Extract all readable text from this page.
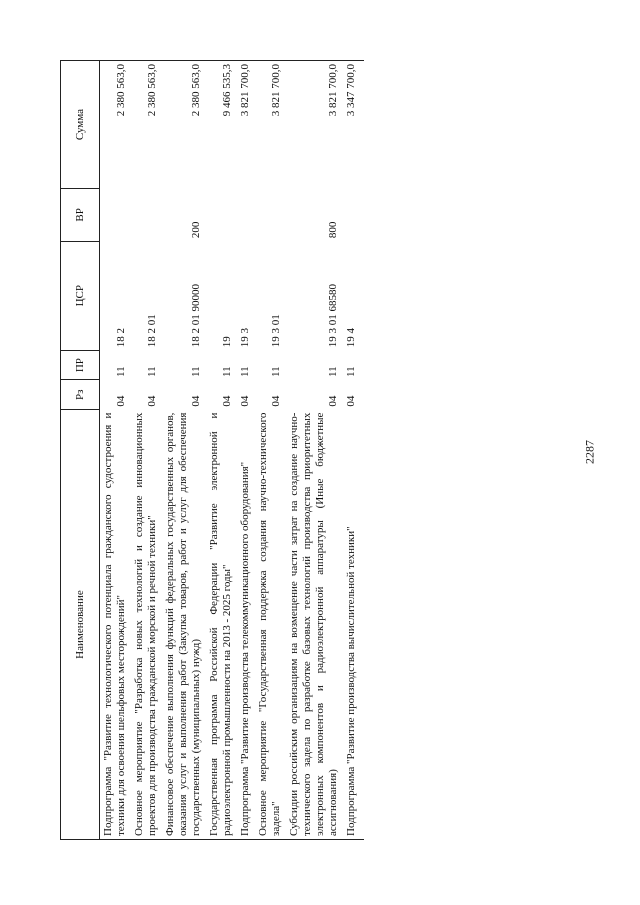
2287
Наименование	Рз	ПР	ЦСР	ВР	Сумма
Подпрограмма "Развитие технологического потенциала гражданского судостроения и техники для освоения шельфовых месторождений"	04	11	18 2		2 380 563,0
Основное мероприятие "Разработка новых технологий и создание инновационных проектов для производства гражданской морской и речной техники"	04	11	18 2 01		2 380 563,0
Финансовое обеспечение выполнения функций федеральных государственных органов, оказания услуг и выполнения работ (Закупка товаров, работ и услуг для обеспечения государственных (муниципальных) нужд)	04	11	18 2 01 90000	200	2 380 563,0
Государственная программа Российской Федерации "Развитие электронной и радиоэлектронной промышленности на 2013 - 2025 годы"	04	11	19		9 466 535,3
Подпрограмма "Развитие производства телекоммуникационного оборудования"	04	11	19 3		3 821 700,0
Основное мероприятие "Государственная поддержка создания научно-технического задела"	04	11	19 3 01		3 821 700,0
Субсидии российским организациям на возмещение части затрат на создание научно-технического задела по разработке базовых технологий производства приоритетных электронных компонентов и радиоэлектронной аппаратуры (Иные бюджетные ассигнования)	04	11	19 3 01 68580	800	3 821 700,0
Подпрограмма "Развитие производства вычислительной техники"	04	11	19 4		3 347 700,0
